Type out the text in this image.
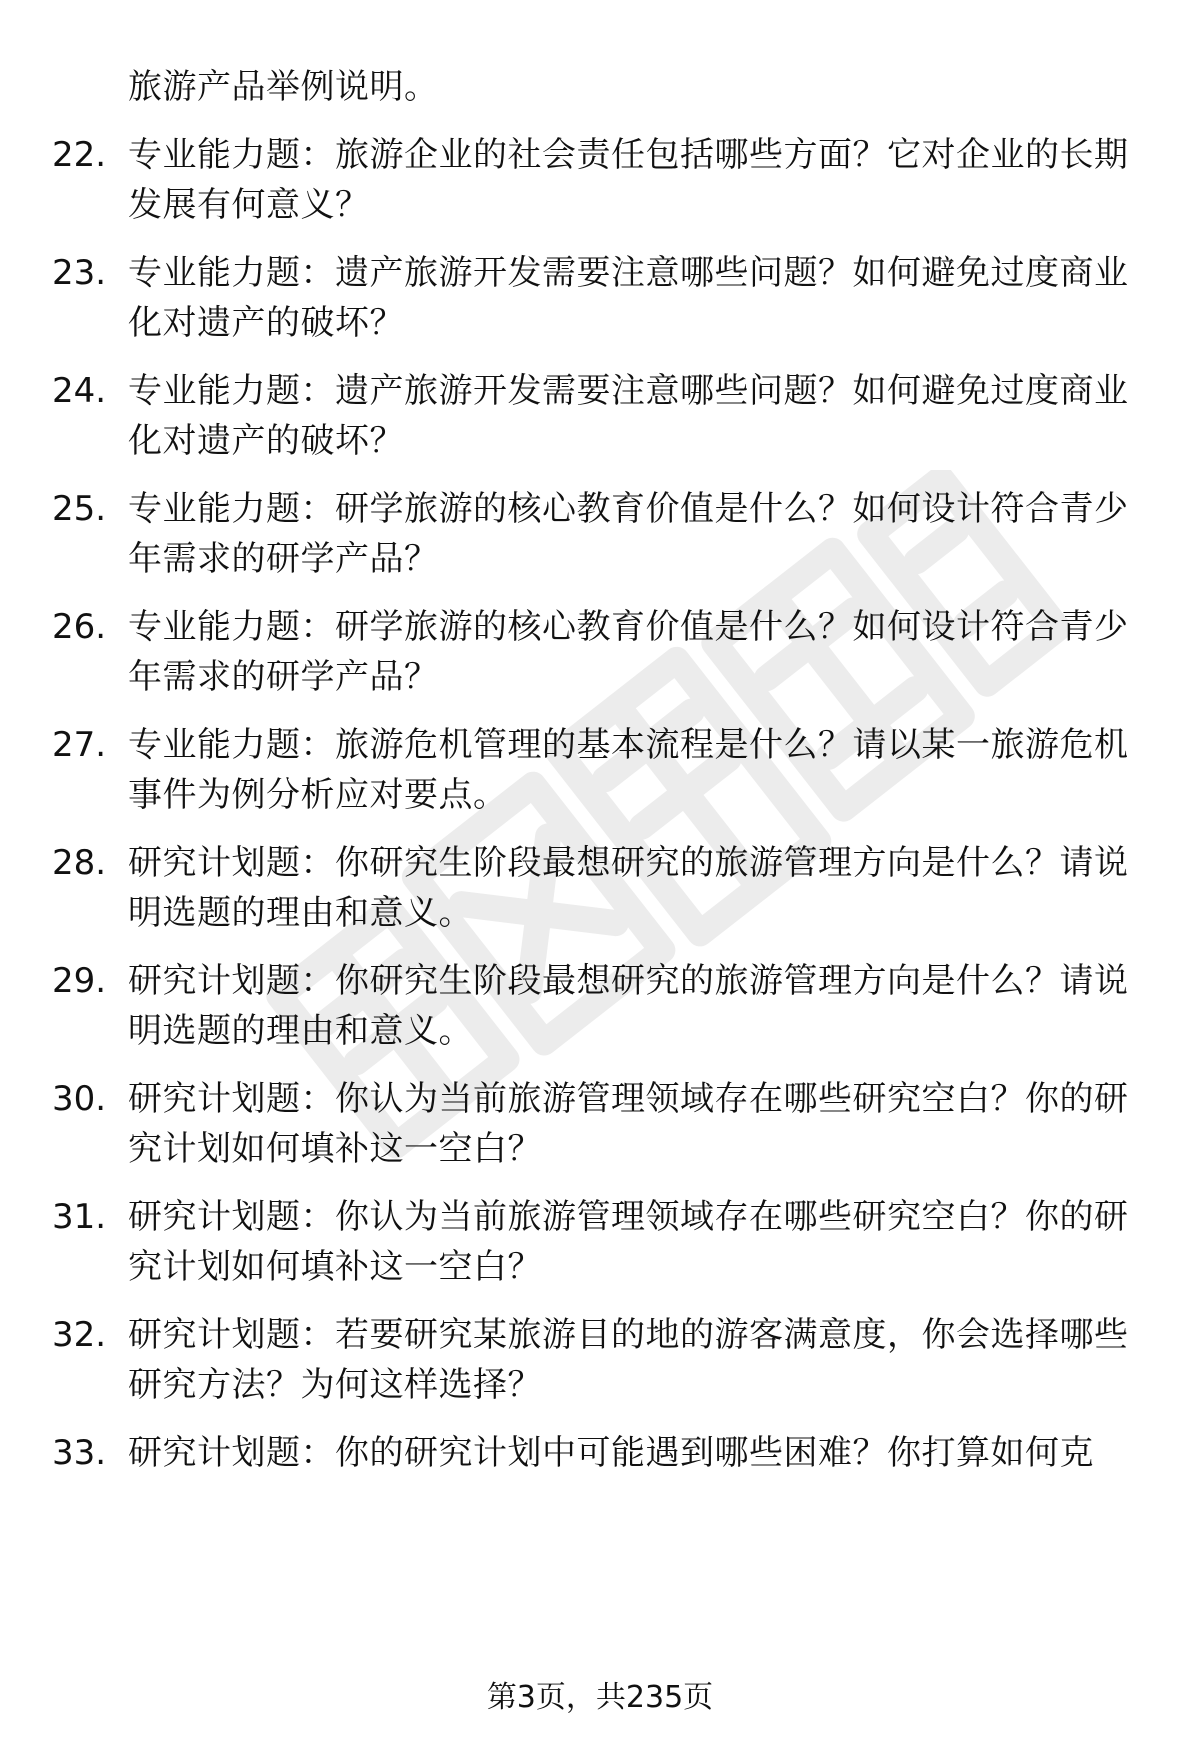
旅游产品举例说明。
22. 专业能力题：旅游企业的社会责任包括哪些方面？它对企业的长期发展有何意义？
23. 专业能力题：遗产旅游开发需要注意哪些问题？如何避免过度商业化对遗产的破坏？
24. 专业能力题：遗产旅游开发需要注意哪些问题？如何避免过度商业化对遗产的破坏？
25. 专业能力题：研学旅游的核心教育价值是什么？如何设计符合青少年需求的研学产品？
26. 专业能力题：研学旅游的核心教育价值是什么？如何设计符合青少年需求的研学产品？
27. 专业能力题：旅游危机管理的基本流程是什么？请以某一旅游危机事件为例分析应对要点。
28. 研究计划题：你研究生阶段最想研究的旅游管理方向是什么？请说明选题的理由和意义。
29. 研究计划题：你研究生阶段最想研究的旅游管理方向是什么？请说明选题的理由和意义。
30. 研究计划题：你认为当前旅游管理领域存在哪些研究空白？你的研究计划如何填补这一空白？
31. 研究计划题：你认为当前旅游管理领域存在哪些研究空白？你的研究计划如何填补这一空白？
32. 研究计划题：若要研究某旅游目的地的游客满意度，你会选择哪些研究方法？为何这样选择？
33. 研究计划题：你的研究计划中可能遇到哪些困难？你打算如何克
第3页，共235页
